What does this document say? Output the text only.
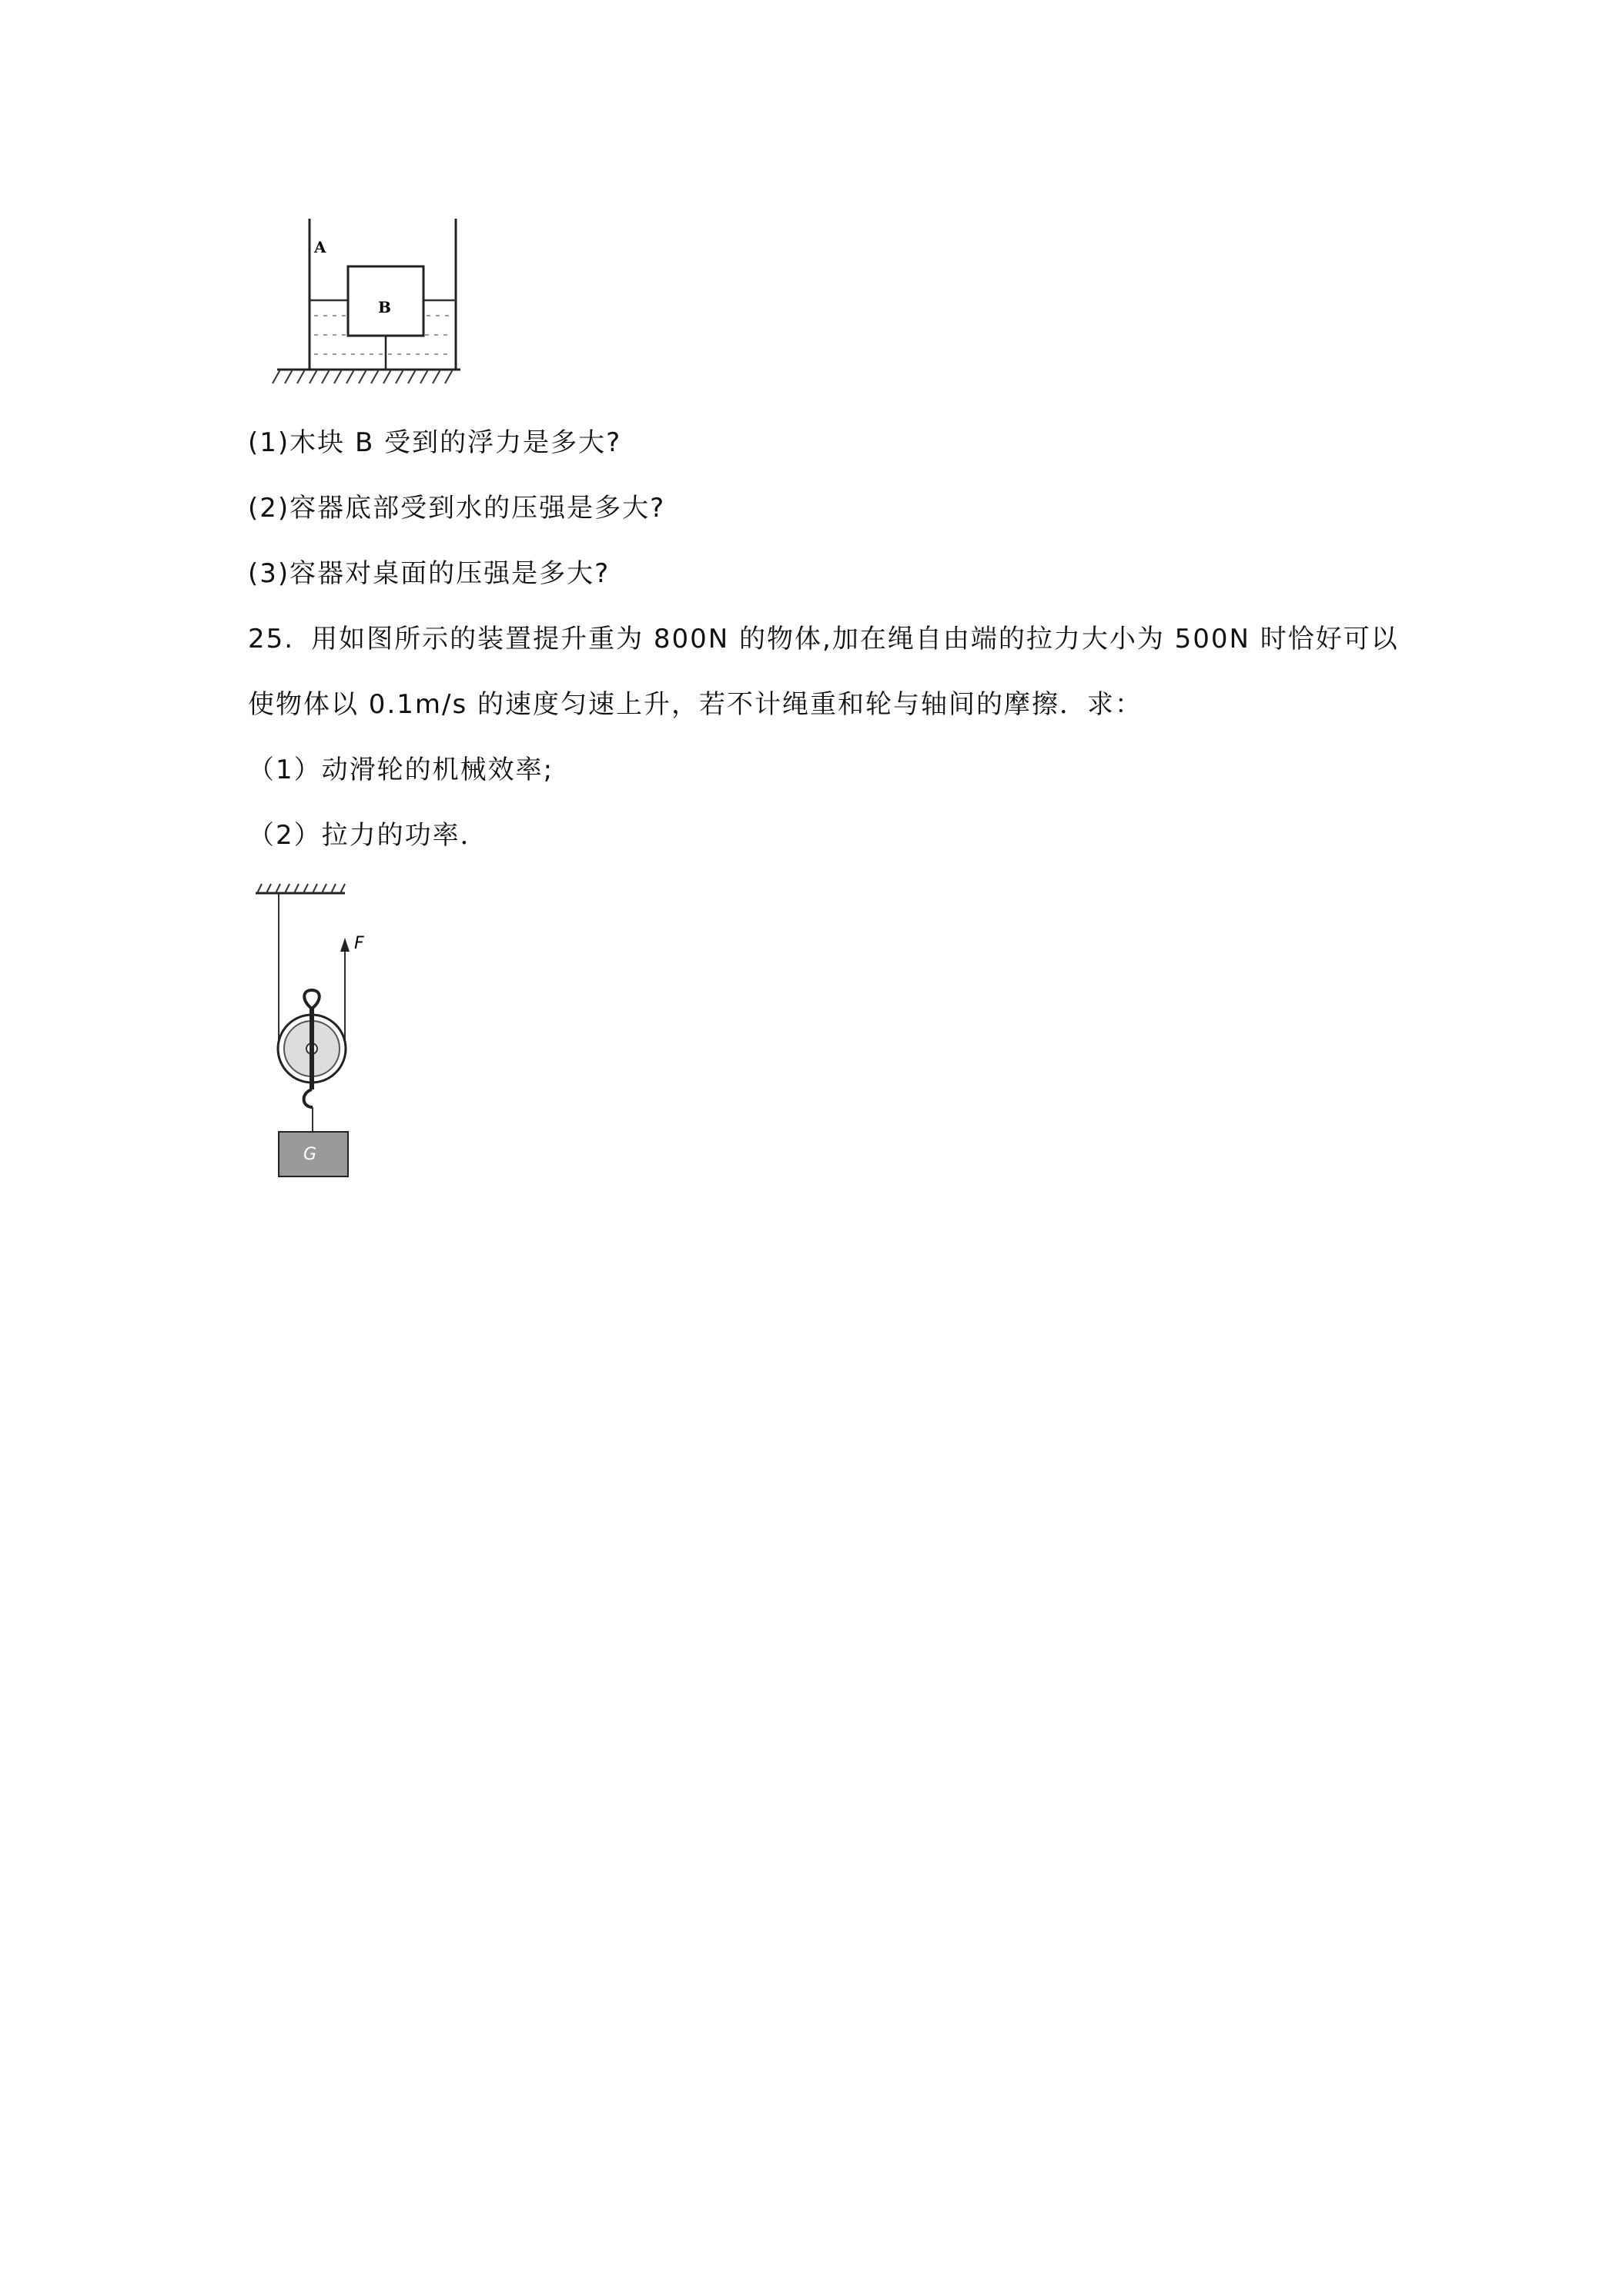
A
B
(1)木块 B 受到的浮力是多大?
(2)容器底部受到水的压强是多大?
(3)容器对桌面的压强是多大?
25. 用如图所示的装置提升重为 800N 的物体,加在绳自由端的拉力大小为 500N 时恰好可以
使物体以 0.1m/s 的速度匀速上升，若不计绳重和轮与轴间的摩擦．求：
（1）动滑轮的机械效率;
（2）拉力的功率．
F
G
